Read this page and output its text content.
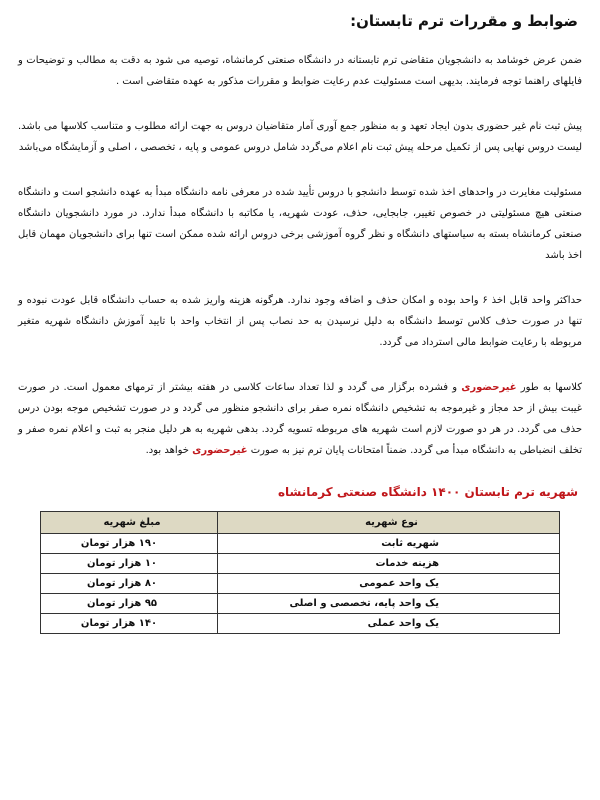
ضوابط و مقررات ترم تابستان:

ضمن عرض خوشامد به دانشجویان متقاضی ترم تابستانه در دانشگاه صنعتی کرمانشاه، توصیه می شود به دقت به مطالب و توضیحات و فایلهای راهنما توجه فرمایند. بدیهی است مسئولیت عدم رعایت ضوابط و مقررات مذکور به عهده متقاضی است .

پیش ثبت نام غیر حضوری بدون ایجاد تعهد و به منظور جمع آوری آمار متقاضیان دروس به جهت ارائه مطلوب و متناسب کلاسها می باشد. لیست دروس نهایی پس از تکمیل مرحله پیش ثبت نام اعلام می‌گردد شامل دروس عمومی و پایه ، تخصصی ، اصلی و آزمایشگاه می‌باشد

مسئولیت مغایرت در واحدهای اخذ شده توسط دانشجو با دروس تأیید شده در معرفی نامه دانشگاه مبدأ به عهده دانشجو است و دانشگاه صنعتی هیچ مسئولیتی در خصوص تغییر، جابجایی، حذف، عودت شهریه، یا مکاتبه با دانشگاه مبدأ ندارد. در مورد دانشجویان دانشگاه صنعتی کرمانشاه بسته به سیاستهای دانشگاه و نظر گروه آموزشی برخی دروس ارائه شده ممکن است تنها برای دانشجویان مهمان قابل اخذ باشد

حداکثر واحد قابل اخذ ۶ واحد بوده و امکان حذف و اضافه وجود ندارد. هرگونه هزینه واریز شده به حساب دانشگاه قابل عودت نبوده و تنها در صورت حذف کلاس توسط دانشگاه به دلیل نرسیدن به حد نصاب پس از انتخاب واحد با تایید آموزش دانشگاه شهریه متغیر مربوطه با رعایت ضوابط مالی استرداد می گردد.

کلاسها به طور غیرحضوری و فشرده برگزار می گردد و لذا تعداد ساعات کلاسی در هفته بیشتر از ترمهای معمول است. در صورت غیبت بیش از حد مجاز و غیرموجه به تشخیص دانشگاه نمره صفر برای دانشجو منظور می گردد و در صورت تشخیص موجه بودن درس حذف می گردد. در هر دو صورت لازم است شهریه های مربوطه تسویه گردد. بدهی شهریه به هر دلیل منجر به ثبت و اعلام نمره صفر و تخلف انضباطی به دانشگاه مبدأ می گردد. ضمناً امتحانات پایان ترم نیز به صورت غیرحضوری خواهد بود.

شهریه ترم تابستان ۱۴۰۰ دانشگاه صنعتی کرمانشاه
نوع شهریه	مبلغ شهریه
شهریه ثابت	۱۹۰ هزار تومان
هزینه خدمات	۱۰ هزار تومان
یک واحد عمومی	۸۰ هزار تومان
یک واحد پایه، تخصصی و اصلی	۹۵ هزار تومان
یک واحد عملی	۱۴۰ هزار تومان
